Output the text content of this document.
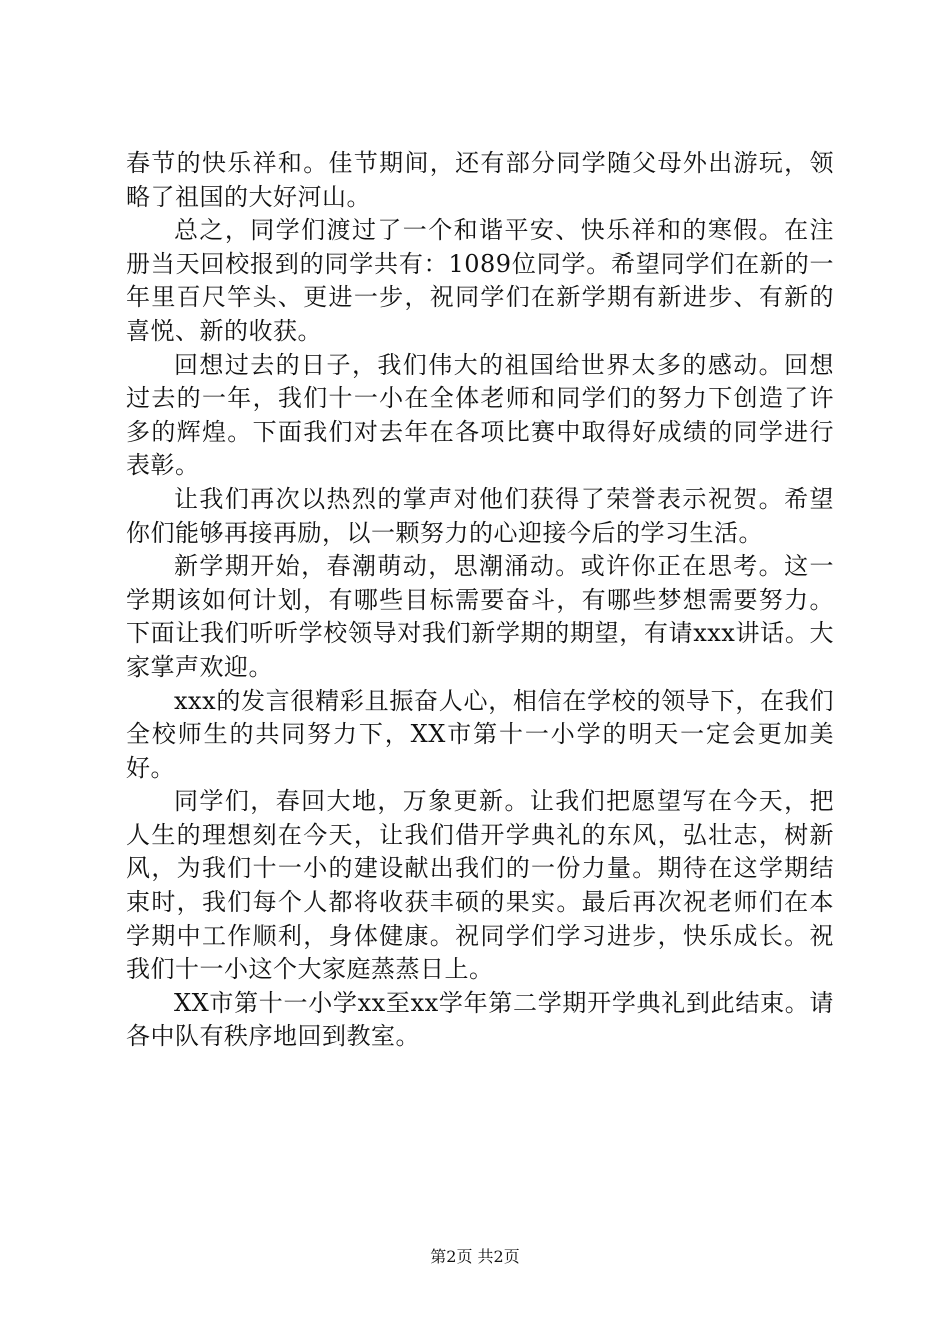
春节的快乐祥和。佳节期间，还有部分同学随父母外出游玩，领略了祖国的大好河山。

总之，同学们渡过了一个和谐平安、快乐祥和的寒假。在注册当天回校报到的同学共有：1089位同学。希望同学们在新的一年里百尺竿头、更进一步，祝同学们在新学期有新进步、有新的喜悦、新的收获。

回想过去的日子，我们伟大的祖国给世界太多的感动。回想过去的一年，我们十一小在全体老师和同学们的努力下创造了许多的辉煌。下面我们对去年在各项比赛中取得好成绩的同学进行表彰。

让我们再次以热烈的掌声对他们获得了荣誉表示祝贺。希望你们能够再接再励，以一颗努力的心迎接今后的学习生活。

新学期开始，春潮萌动，思潮涌动。或许你正在思考。这一学期该如何计划，有哪些目标需要奋斗，有哪些梦想需要努力。下面让我们听听学校领导对我们新学期的期望，有请xxx讲话。大家掌声欢迎。

xxx的发言很精彩且振奋人心，相信在学校的领导下，在我们全校师生的共同努力下，XX市第十一小学的明天一定会更加美好。

同学们，春回大地，万象更新。让我们把愿望写在今天，把人生的理想刻在今天，让我们借开学典礼的东风，弘壮志，树新风，为我们十一小的建设献出我们的一份力量。期待在这学期结束时，我们每个人都将收获丰硕的果实。最后再次祝老师们在本学期中工作顺利，身体健康。祝同学们学习进步，快乐成长。祝我们十一小这个大家庭蒸蒸日上。

XX市第十一小学xx至xx学年第二学期开学典礼到此结束。请各中队有秩序地回到教室。

第2页 共2页
